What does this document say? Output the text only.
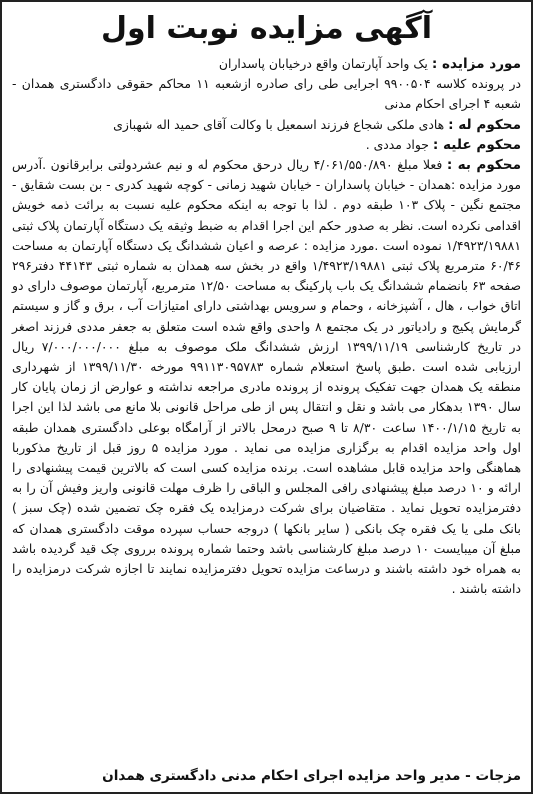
آگهی مزایده نوبت اول

مورد مزایده : یک واحد آپارتمان واقع درخیابان پاسداران

در پرونده کلاسه ۹۹۰۰۵۰۴ اجرایی طی رای صادره ازشعبه ۱۱ محاکم حقوقی دادگستری همدان - شعبه ۴ اجرای احکام مدنی

محکوم له : هادی ملکی شجاع فرزند اسمعیل با وکالت آقای حمید اله شهبازی

محکوم علیه : جواد مددی .

محکوم به : فعلا مبلغ ۴/۰۶۱/۵۵۰/۸۹۰ ریال درحق محکوم له و نیم عشردولتی برابرقانون .آدرس مورد مزایده :همدان - خیابان پاسداران - خیابان شهید زمانی - کوچه شهید کدری - بن بست شقایق - مجتمع نگین - پلاک ۱۰۳ طبقه دوم . لذا با توجه به اینکه محکوم علیه نسبت به برائت ذمه خویش اقدامی نکرده است. نظر به صدور حکم این اجرا اقدام به ضبط وثیقه یک دستگاه آپارتمان پلاک ثبتی ۱/۴۹۲۳/۱۹۸۸۱ نموده است .مورد مزایده : عرصه و اعیان ششدانگ یک دستگاه آپارتمان به مساحت ۶۰/۴۶ مترمربع پلاک ثبتی ۱/۴۹۲۳/۱۹۸۸۱ واقع در بخش سه همدان به شماره ثبتی ۴۴۱۴۳ دفتر۲۹۶ صفحه ۶۳ بانضمام ششدانگ یک باب پارکینگ به مساحت ۱۲/۵۰ مترمربع، آپارتمان موصوف دارای دو اتاق خواب ، هال ، آشپزخانه ، وحمام و سرویس بهداشتی دارای امتیازات آب ، برق و گاز و سیستم گرمایش پکیج و رادیاتور در یک مجتمع ۸ واحدی واقع شده است متعلق به جعفر مددی فرزند اصغر در تاریخ کارشناسی ۱۳۹۹/۱۱/۱۹ ارزش ششدانگ ملک موصوف به مبلغ ۷/۰۰۰/۰۰۰/۰۰۰ ریال ارزیابی شده است .طبق پاسخ استعلام شماره ۹۹۱۱۳۰۹۵۷۸۳ مورخه ۱۳۹۹/۱۱/۳۰ از شهرداری منطقه یک همدان جهت تفکیک پرونده از پرونده مادری مراجعه نداشته و عوارض از زمان پایان کار سال ۱۳۹۰ بدهکار می باشد و نقل و انتقال پس از طی مراحل قانونی بلا مانع می باشد لذا این اجرا به تاریخ ۱۴۰۰/۱/۱۵ ساعت ۸/۳۰ تا ۹ صبح درمحل بالاتر از آرامگاه بوعلی دادگستری همدان طبقه اول واحد مزایده اقدام به برگزاری مزایده می نماید . مورد مزایده ۵ روز قبل از تاریخ مذکوربا هماهنگی واحد مزایده قابل مشاهده است. برنده مزایده کسی است که بالاترین قیمت پیشنهادی را ارائه و ۱۰ درصد مبلغ پیشنهادی رافی المجلس و الباقی را ظرف مهلت قانونی واریز وفیش آن را به دفترمزایده تحویل نماید . متقاضیان برای شرکت درمزایده یک فقره چک تضمین شده (چک سبز ) بانک ملی یا یک فقره چک بانکی ( سایر بانکها ) دروجه حساب سپرده موقت دادگستری همدان که مبلغ آن میبایست ۱۰ درصد مبلغ کارشناسی باشد وحتما شماره پرونده برروی چک قید گردیده باشد به همراه خود داشته باشند و درساعت مزایده تحویل دفترمزایده نمایند تا اجازه شرکت درمزایده را داشته باشند .

مزجات - مدیر واحد مزایده اجرای احکام مدنی دادگستری همدان
